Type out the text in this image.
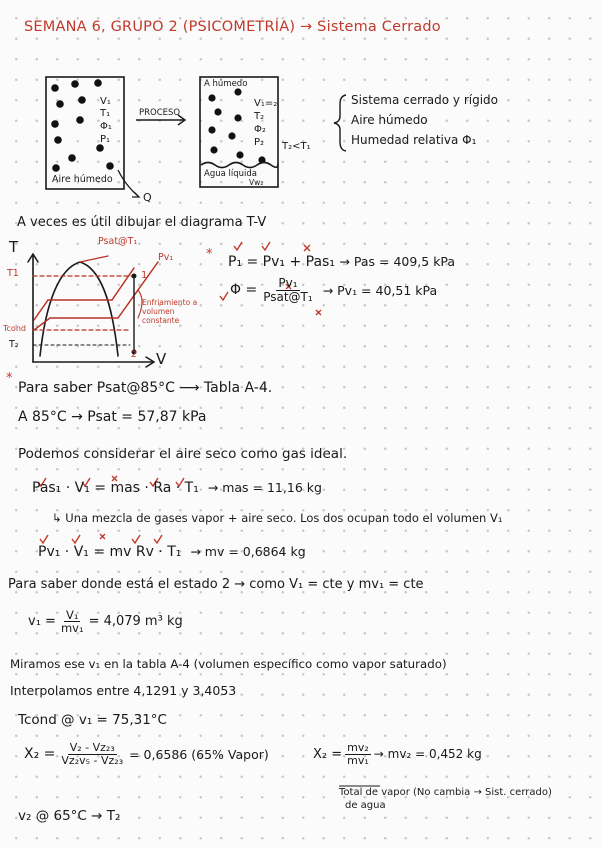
SEMANA 6, GRUPO 2 (PSICOMETRÍA) → Sistema Cerrado
*
*
V₁
T₁
Φ₁
P₁
Aire húmedo
PROCESO
Q
A húmedo
V₁=₂
T₂
Φ₂
P₂
Agua líquida
Vw₂
T₂<T₁
Sistema cerrado y rígido
Aire húmedo
Humedad relativa Φ₁
A veces es útil dibujar el diagrama T-V
T
V
T1
Tcond
T₂
Psat@T₁
Pv₁
1
2
Enfriamiento a volumen constante
P₁ = Pv₁ + Pas₁ → Pas = 409,5 kPa
$\Phi = \frac{\text{Pv₁}}{\text{Psat@T₁}} \to Pv_1 = 40,51$ kPa
Para saber Psat@85°C ⟶ Tabla A-4.
A 85°C → Psat = 57,87 kPa
Podemos considerar el aire seco como gas ideal.
Pas₁ · V₁ = mas · Ra · T₁ → mas = 11,16 kg
↳ Una mezcla de gases vapor + aire seco. Los dos ocupan todo el volumen V₁
Pv₁ · V₁ = mv Rv · T₁ → mv = 0,6864 kg
Para saber donde está el estado 2 → como V₁ = cte y mv₁ = cte
$v_1 = \frac{\text{V₁}}{\text{mv₁}} = 4,079$ m³ kg
Miramos ese v₁ en la tabla A-4 (volumen específico como vapor saturado)
Interpolamos entre 4,1291 y 3,4053
Tcond @ v₁ = 75,31°C
$X_2 = \frac{\text{V₂ - Vz₂₃}}{\text{Vz₂v₅ - Vz₂₃}} = 0,6586$ (65% Vapor)	$X_2 = \frac{\text{mv₂}}{\text{mv₁}} \to mv_2 = 0,452$ kg
Total de vapor (No cambia → Sist. cerrado)
de agua
v₂ @ 65°C → T₂
